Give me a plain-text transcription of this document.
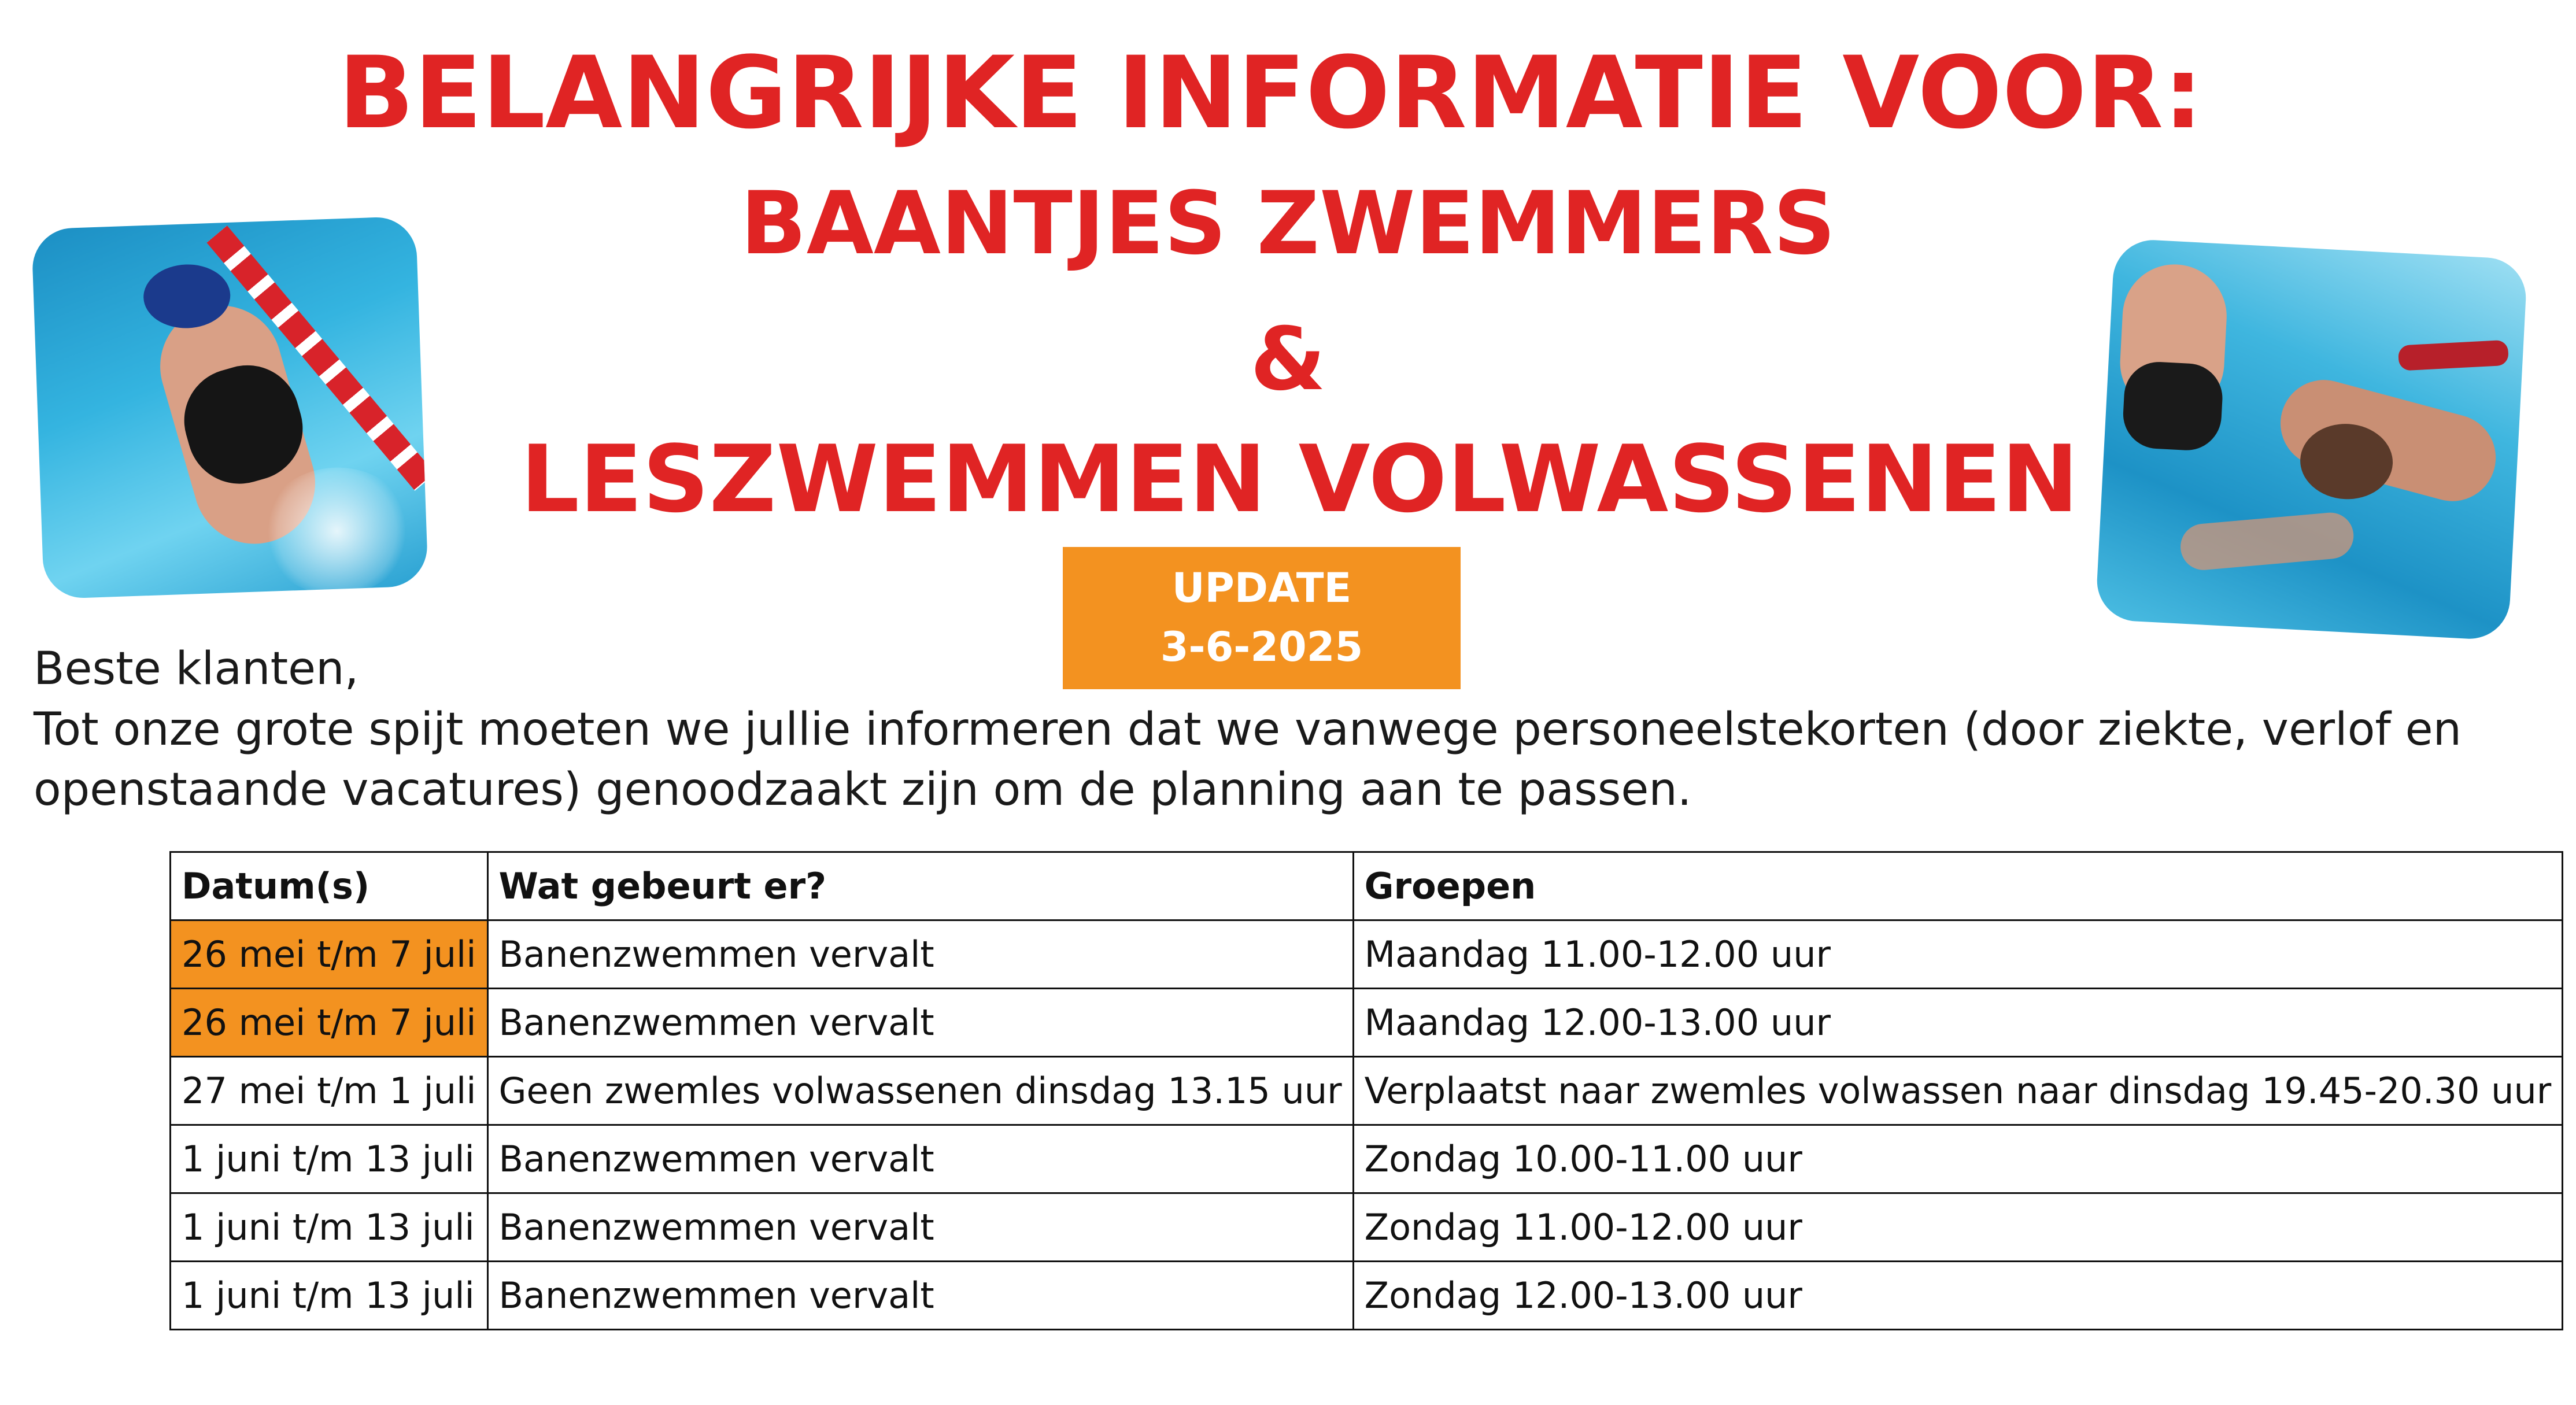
BELANGRIJKE INFORMATIE VOOR:
BAANTJES ZWEMMERS
&
LESZWEMMEN VOLWASSENEN
UPDATE
3-6-2025

Beste klanten,

Tot onze grote spijt moeten we jullie informeren dat we vanwege personeelstekorten (door ziekte, verlof en
openstaande vacatures) genoodzaakt zijn om de planning aan te passen.

Datum(s)	Wat gebeurt er?	Groepen
26 mei t/m 7 juli	Banenzwemmen vervalt	Maandag 11.00-12.00 uur
26 mei t/m 7 juli	Banenzwemmen vervalt	Maandag 12.00-13.00 uur
27 mei t/m 1 juli	Geen zwemles volwassenen dinsdag 13.15 uur	Verplaatst naar zwemles volwassen naar dinsdag 19.45-20.30 uur
1 juni t/m 13 juli	Banenzwemmen vervalt	Zondag 10.00-11.00 uur
1 juni t/m 13 juli	Banenzwemmen vervalt	Zondag 11.00-12.00 uur
1 juni t/m 13 juli	Banenzwemmen vervalt	Zondag 12.00-13.00 uur
